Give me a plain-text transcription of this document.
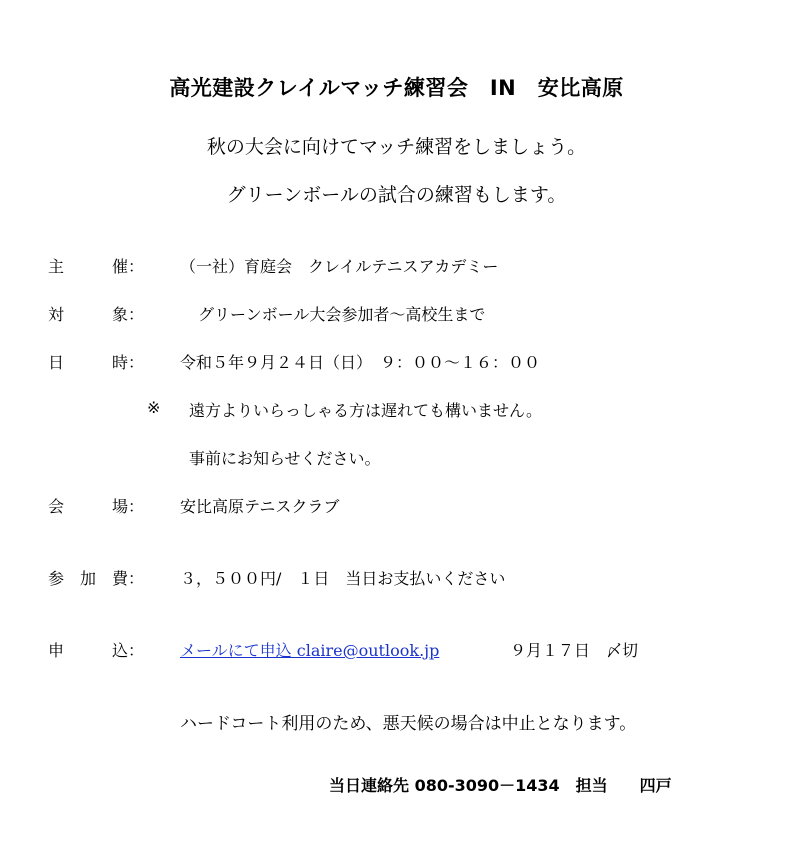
高光建設クレイルマッチ練習会　IN　安比高原
秋の大会に向けてマッチ練習をしましょう。
グリーンボールの試合の練習もします。
主　　　催： （一社）育庭会　クレイルテニスアカデミー
対　　　象：	グリーンボール大会参加者～高校生まで
日　　　時： 令和５年９月２４日（日）　９：００～１６：００
※ 遠方よりいらっしゃる方は遅れても構いません。
事前にお知らせください。
会　　　場： 安比高原テニスクラブ
参　加　費： ３，５００円/　１日　当日お支払いください
申　　　込： メールにて申込 claire@outlook.jp	９月１７日　〆切
ハードコート利用のため、悪天候の場合は中止となります。
当日連絡先 080-3090－1434　担当　　四戸
